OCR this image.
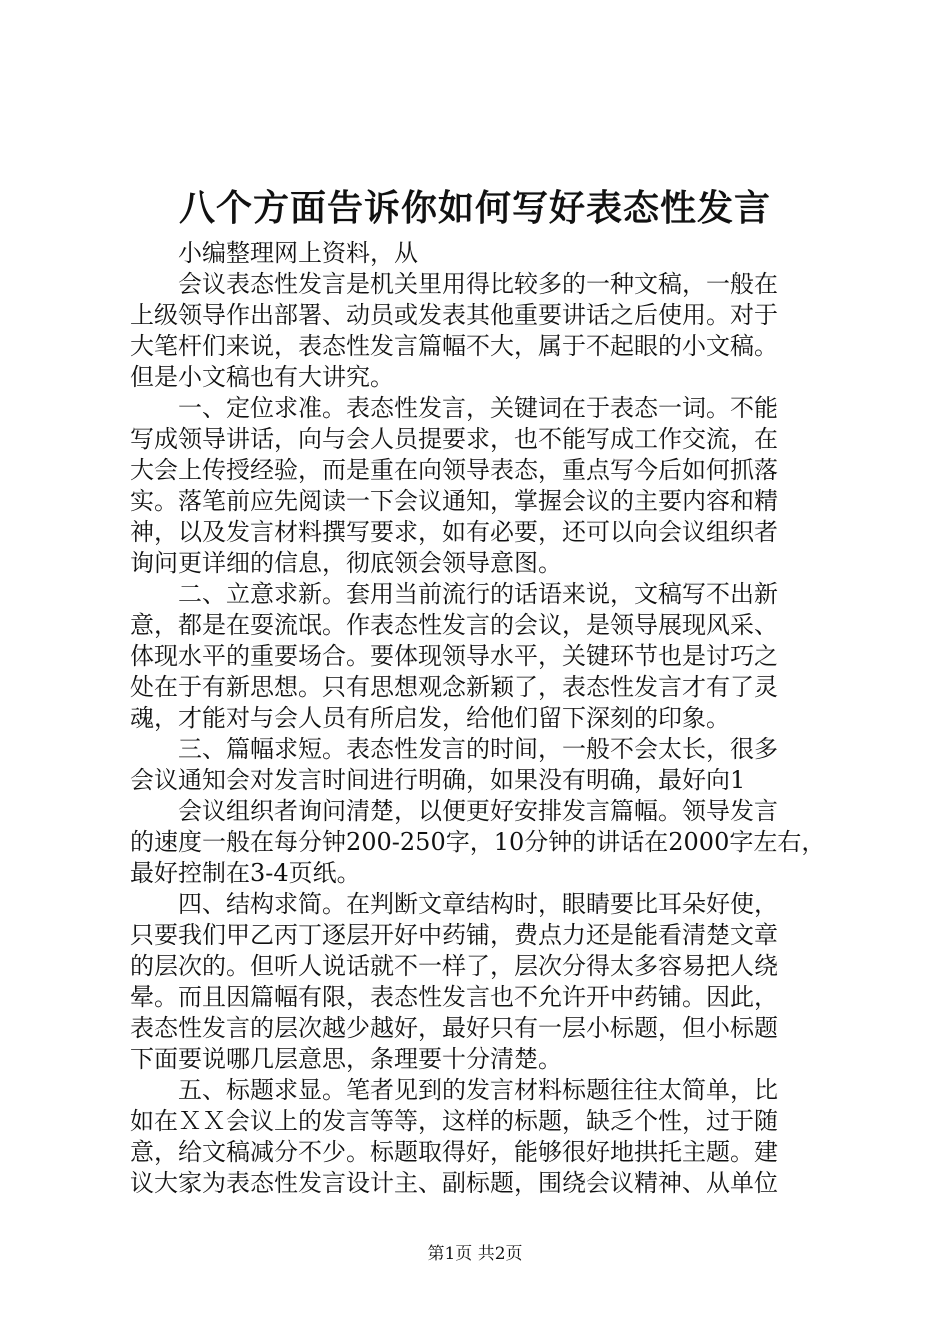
八个方面告诉你如何写好表态性发言
小编整理网上资料，从
会议表态性发言是机关里用得比较多的一种文稿，一般在
上级领导作出部署、动员或发表其他重要讲话之后使用。对于
大笔杆们来说，表态性发言篇幅不大，属于不起眼的小文稿。
但是小文稿也有大讲究。
一、定位求准。表态性发言，关键词在于表态一词。不能
写成领导讲话，向与会人员提要求，也不能写成工作交流，在
大会上传授经验，而是重在向领导表态，重点写今后如何抓落
实。落笔前应先阅读一下会议通知，掌握会议的主要内容和精
神，以及发言材料撰写要求，如有必要，还可以向会议组织者
询问更详细的信息，彻底领会领导意图。
二、立意求新。套用当前流行的话语来说，文稿写不出新
意，都是在耍流氓。作表态性发言的会议，是领导展现风采、
体现水平的重要场合。要体现领导水平，关键环节也是讨巧之
处在于有新思想。只有思想观念新颖了，表态性发言才有了灵
魂，才能对与会人员有所启发，给他们留下深刻的印象。
三、篇幅求短。表态性发言的时间，一般不会太长，很多
会议通知会对发言时间进行明确，如果没有明确，最好向1
会议组织者询问清楚，以便更好安排发言篇幅。领导发言
的速度一般在每分钟200-250字，10分钟的讲话在2000字左右，
最好控制在3-4页纸。
四、结构求简。在判断文章结构时，眼睛要比耳朵好使，
只要我们甲乙丙丁逐层开好中药铺，费点力还是能看清楚文章
的层次的。但听人说话就不一样了，层次分得太多容易把人绕
晕。而且因篇幅有限，表态性发言也不允许开中药铺。因此，
表态性发言的层次越少越好，最好只有一层小标题，但小标题
下面要说哪几层意思，条理要十分清楚。
五、标题求显。笔者见到的发言材料标题往往太简单，比
如在ＸＸ会议上的发言等等，这样的标题，缺乏个性，过于随
意，给文稿减分不少。标题取得好，能够很好地拱托主题。建
议大家为表态性发言设计主、副标题，围绕会议精神、从单位
第1页 共2页
